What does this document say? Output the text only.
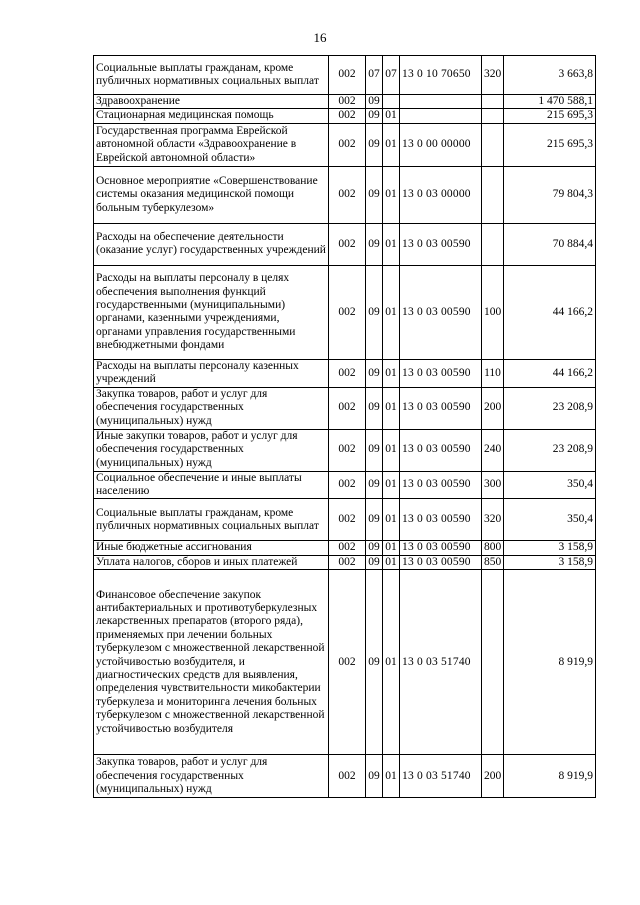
16
Социальные выплаты гражданам, кроме публичных нормативных социальных выплат	002	07	07	13 0 10 70650	320	3 663,8
Здравоохранение	002	09				1 470 588,1
Стационарная медицинская помощь	002	09	01			215 695,3
Государственная программа Еврейской автономной области «Здравоохранение в Еврейской автономной области»	002	09	01	13 0 00 00000		215 695,3
Основное мероприятие «Совершенствование системы оказания медицинской помощи больным туберкулезом»	002	09	01	13 0 03 00000		79 804,3
Расходы на обеспечение деятельности (оказание услуг) государственных учреждений	002	09	01	13 0 03 00590		70 884,4
Расходы на выплаты персоналу в целях обеспечения выполнения функций государственными (муниципальными) органами, казенными учреждениями, органами управления государственными внебюджетными фондами	002	09	01	13 0 03 00590	100	44 166,2
Расходы на выплаты персоналу казенных учреждений	002	09	01	13 0 03 00590	110	44 166,2
Закупка товаров, работ и услуг для обеспечения государственных (муниципальных) нужд	002	09	01	13 0 03 00590	200	23 208,9
Иные закупки товаров, работ и услуг для обеспечения государственных (муниципальных) нужд	002	09	01	13 0 03 00590	240	23 208,9
Социальное обеспечение и иные выплаты населению	002	09	01	13 0 03 00590	300	350,4
Социальные выплаты гражданам, кроме публичных нормативных социальных выплат	002	09	01	13 0 03 00590	320	350,4
Иные бюджетные ассигнования	002	09	01	13 0 03 00590	800	3 158,9
Уплата налогов, сборов и иных платежей	002	09	01	13 0 03 00590	850	3 158,9
Финансовое обеспечение закупок антибактериальных и противотуберкулезных лекарственных препаратов (второго ряда), применяемых при лечении больных туберкулезом с множественной лекарственной устойчивостью возбудителя, и диагностических средств для выявления, определения чувствительности микобактерии туберкулеза и мониторинга лечения больных туберкулезом с множественной лекарственной устойчивостью возбудителя	002	09	01	13 0 03 51740		8 919,9
Закупка товаров, работ и услуг для обеспечения государственных (муниципальных) нужд	002	09	01	13 0 03 51740	200	8 919,9
